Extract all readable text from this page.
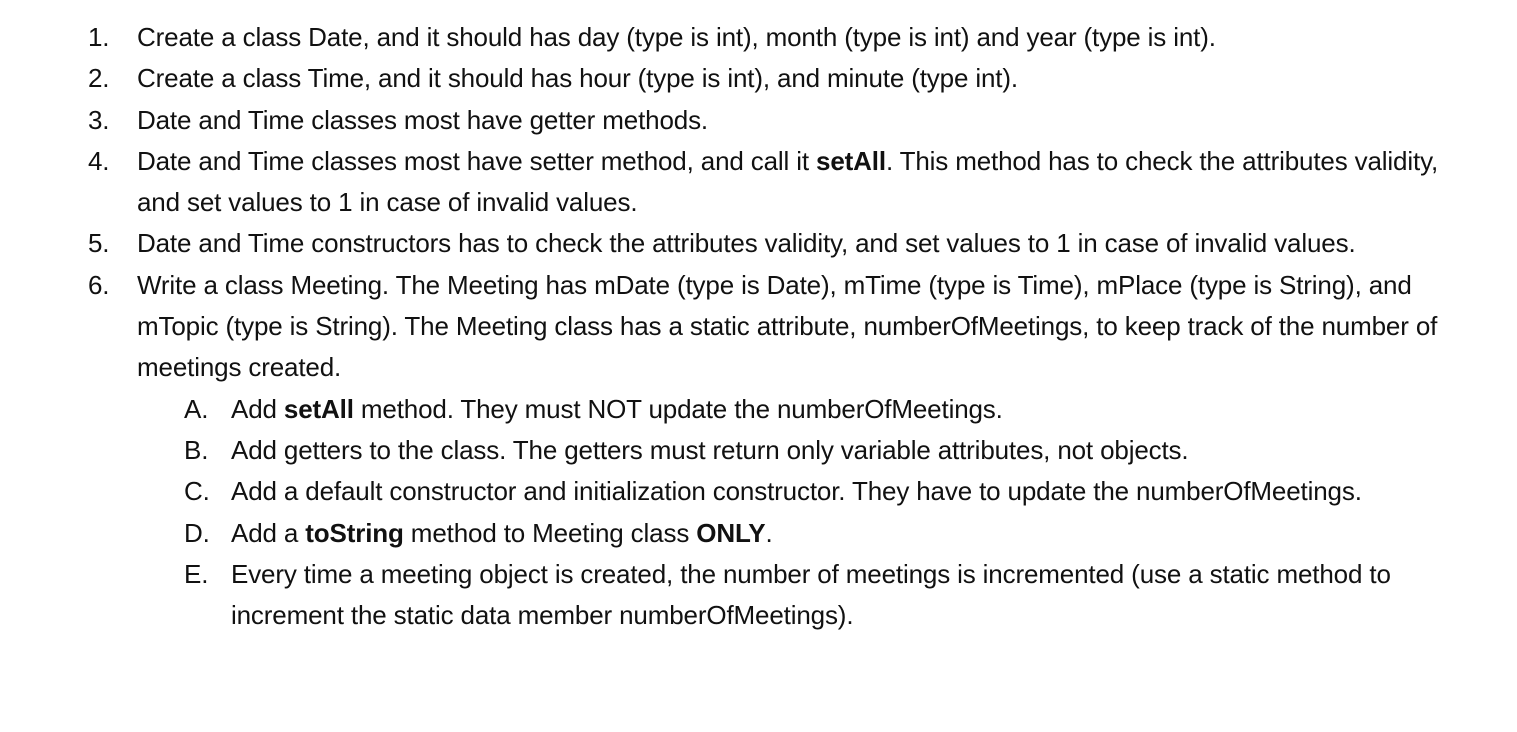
1. Create a class Date, and it should has day (type is int), month (type is int) and year (type is int).
2. Create a class Time, and it should has hour (type is int), and minute (type int).
3. Date and Time classes most have getter methods.
4. Date and Time classes most have setter method, and call it setAll. This method has to check the attributes validity, and set values to 1 in case of invalid values.
5. Date and Time constructors has to check the attributes validity, and set values to 1 in case of invalid values.
6. Write a class Meeting. The Meeting has mDate (type is Date), mTime (type is Time), mPlace (type is String), and mTopic (type is String). The Meeting class has a static attribute, numberOfMeetings, to keep track of the number of meetings created.
A. Add setAll method. They must NOT update the numberOfMeetings.
B. Add getters to the class. The getters must return only variable attributes, not objects.
C. Add a default constructor and initialization constructor. They have to update the numberOfMeetings.
D. Add a toString method to Meeting class ONLY.
E. Every time a meeting object is created, the number of meetings is incremented (use a static method to increment the static data member numberOfMeetings).
